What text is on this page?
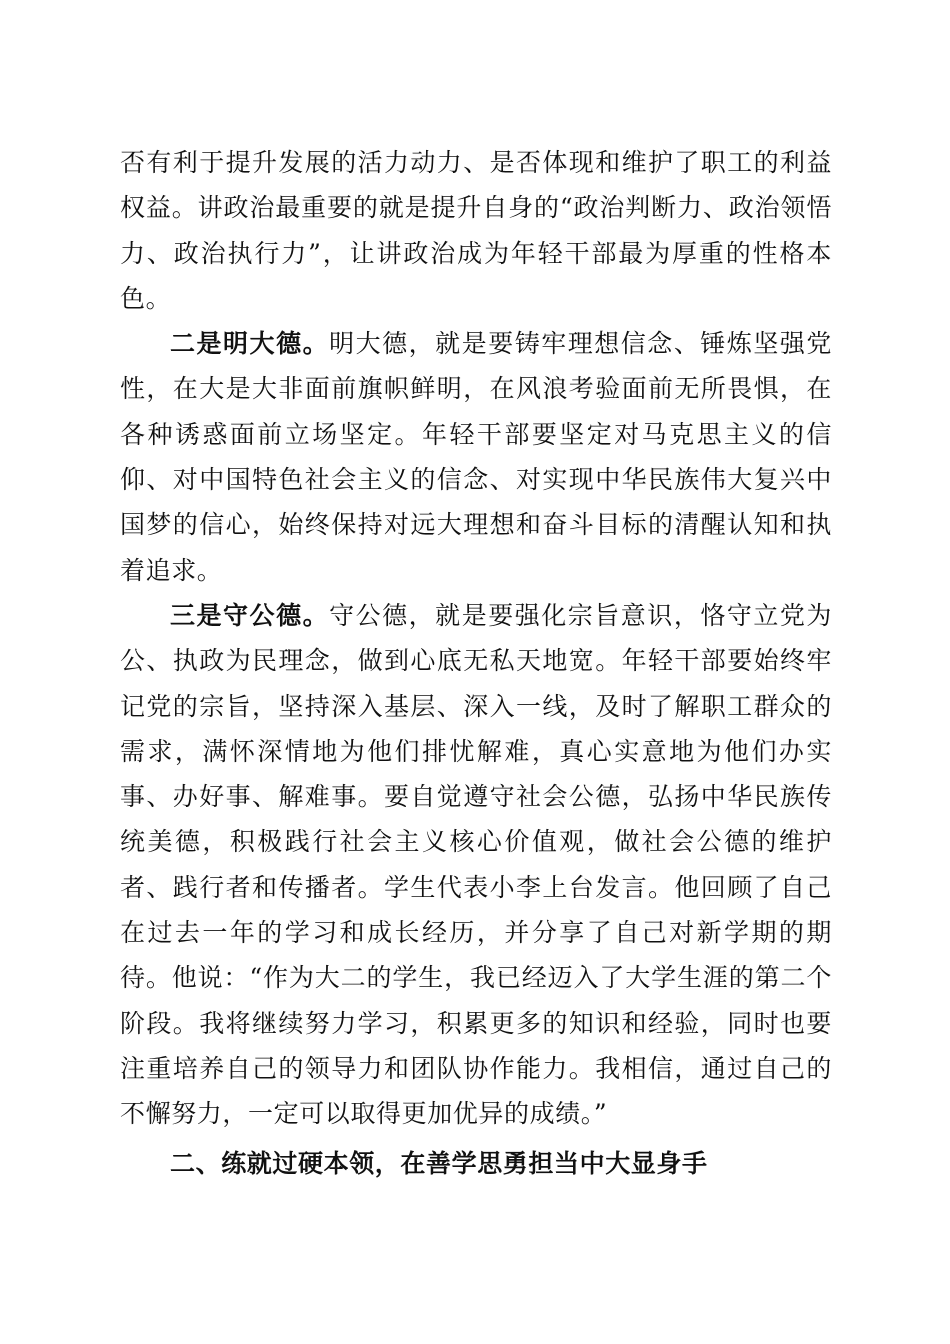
否有利于提升发展的活力动力、是否体现和维护了职工的利益权益。讲政治最重要的就是提升自身的“政治判断力、政治领悟力、政治执行力”，让讲政治成为年轻干部最为厚重的性格本色。

二是明大德。明大德，就是要铸牢理想信念、锤炼坚强党性，在大是大非面前旗帜鲜明，在风浪考验面前无所畏惧，在各种诱惑面前立场坚定。年轻干部要坚定对马克思主义的信仰、对中国特色社会主义的信念、对实现中华民族伟大复兴中国梦的信心，始终保持对远大理想和奋斗目标的清醒认知和执着追求。

三是守公德。守公德，就是要强化宗旨意识，恪守立党为公、执政为民理念，做到心底无私天地宽。年轻干部要始终牢记党的宗旨，坚持深入基层、深入一线，及时了解职工群众的需求，满怀深情地为他们排忧解难，真心实意地为他们办实事、办好事、解难事。要自觉遵守社会公德，弘扬中华民族传统美德，积极践行社会主义核心价值观，做社会公德的维护者、践行者和传播者。学生代表小李上台发言。他回顾了自己在过去一年的学习和成长经历，并分享了自己对新学期的期待。他说：“作为大二的学生，我已经迈入了大学生涯的第二个阶段。我将继续努力学习，积累更多的知识和经验，同时也要注重培养自己的领导力和团队协作能力。我相信，通过自己的不懈努力，一定可以取得更加优异的成绩。”

二、练就过硬本领，在善学思勇担当中大显身手
